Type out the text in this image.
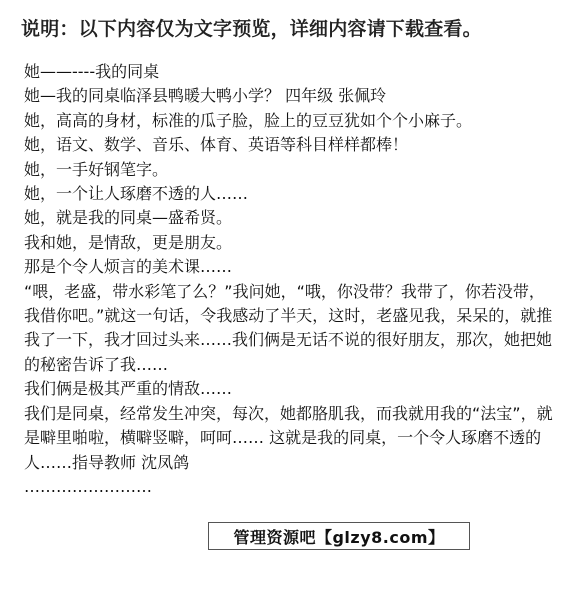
说明：以下内容仅为文字预览，详细内容请下载查看。

她——----我的同桌

她—我的同桌临泽县鸭暖大鸭小学？ 四年级 张佩玲

她，高高的身材，标准的瓜子脸，脸上的豆豆犹如个个小麻子。

她，语文、数学、音乐、体育、英语等科目样样都棒！

她，一手好钢笔字。

她，一个让人琢磨不透的人……

她，就是我的同桌—盛希贤。

我和她，是情敌，更是朋友。

那是个令人烦言的美术课……

“喂，老盛，带水彩笔了么？”我问她，“哦，你没带？我带了，你若没带，我借你吧。”就这一句话，令我感动了半天，这时，老盛见我，呆呆的，就推我了一下，我才回过头来……我们俩是无话不说的很好朋友，那次，她把她的秘密告诉了我……

我们俩是极其严重的情敌……

我们是同桌，经常发生冲突，每次，她都胳肌我，而我就用我的“法宝”，就是噼里啪啦，横噼竖噼，呵呵…… 这就是我的同桌，一个令人琢磨不透的人……指导教师 沈凤鸽

……………………

管理资源吧【glzy8.com】
